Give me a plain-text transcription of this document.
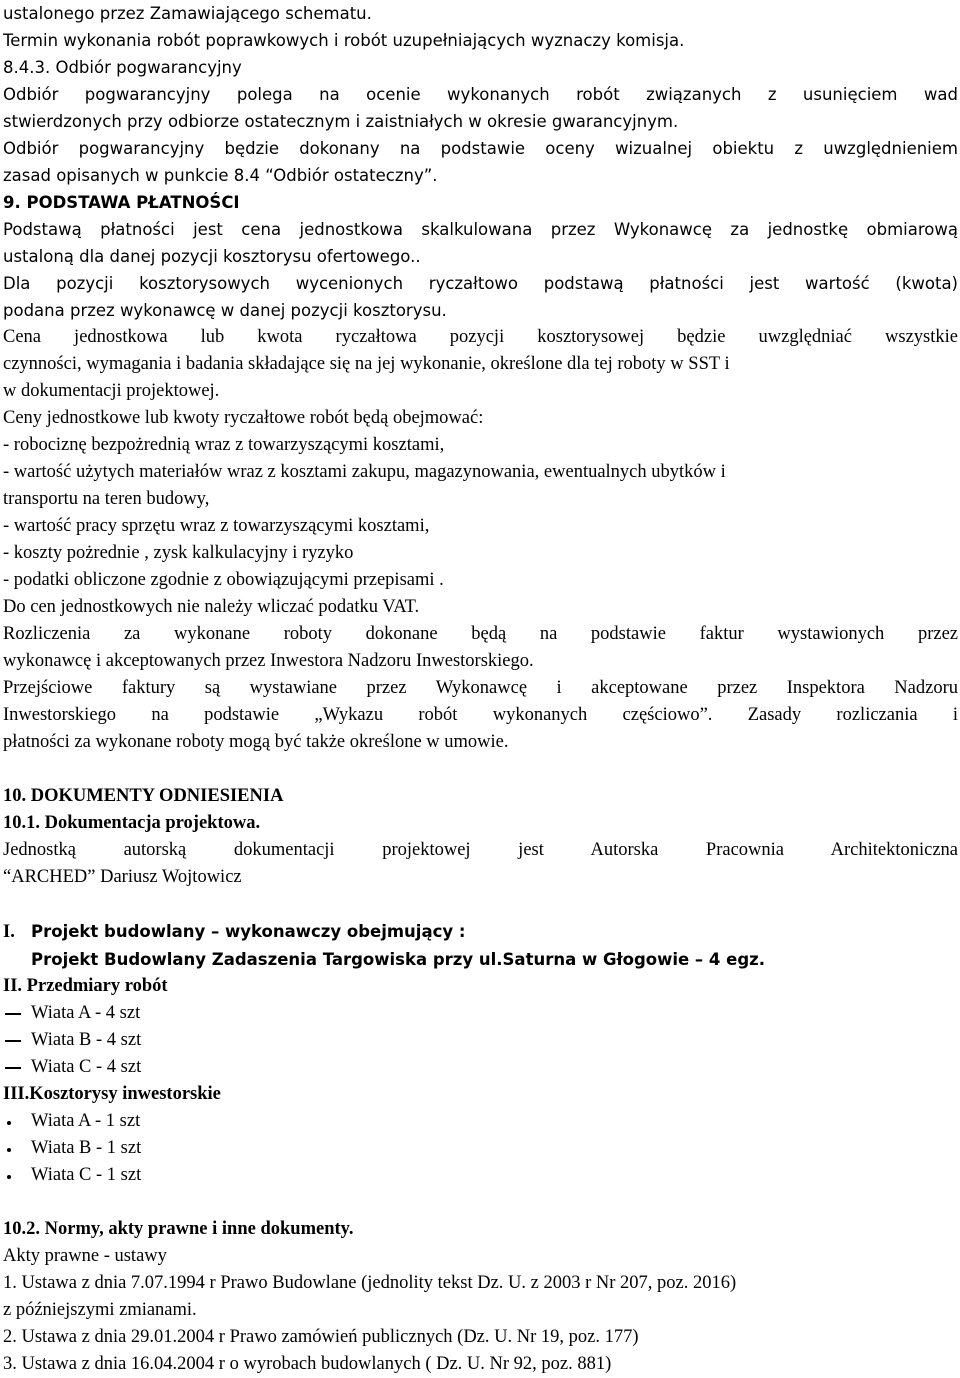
ustalonego przez Zamawiającego schematu.
Termin wykonania robót poprawkowych i robót uzupełniających wyznaczy komisja.
8.4.3. Odbiór pogwarancyjny
Odbiór pogwarancyjny polega na ocenie wykonanych robót związanych z usunięciem wad
stwierdzonych przy odbiorze ostatecznym i zaistniałych w okresie gwarancyjnym.
Odbiór pogwarancyjny będzie dokonany na podstawie oceny wizualnej obiektu z uwzględnieniem
zasad opisanych w punkcie 8.4 “Odbiór ostateczny”.
9. PODSTAWA PŁATNOŚCI
Podstawą płatności jest cena jednostkowa skalkulowana przez Wykonawcę za jednostkę obmiarową
ustaloną dla danej pozycji kosztorysu ofertowego..
Dla pozycji kosztorysowych wycenionych ryczałtowo podstawą płatności jest wartość (kwota)
podana przez wykonawcę w danej pozycji kosztorysu.
Cena jednostkowa lub kwota ryczałtowa pozycji kosztorysowej będzie uwzględniać wszystkie
czynności, wymagania i badania składające się na jej wykonanie, określone dla tej roboty w SST i
w dokumentacji projektowej.
Ceny jednostkowe lub kwoty ryczałtowe robót będą obejmować:
- robociznę bezpożrednią wraz z towarzyszącymi kosztami,
- wartość użytych materiałów wraz z kosztami zakupu, magazynowania, ewentualnych ubytków i
transportu na teren budowy,
- wartość pracy sprzętu wraz z towarzyszącymi kosztami,
- koszty pożrednie , zysk kalkulacyjny i ryzyko
- podatki obliczone zgodnie z obowiązującymi przepisami .
Do cen jednostkowych nie należy wliczać podatku VAT.
Rozliczenia za wykonane roboty dokonane będą na podstawie faktur wystawionych przez
wykonawcę i akceptowanych przez Inwestora Nadzoru Inwestorskiego.
Przejściowe faktury są wystawiane przez Wykonawcę i akceptowane przez Inspektora Nadzoru
Inwestorskiego na podstawie „Wykazu robót wykonanych częściowo”. Zasady rozliczania i
płatności za wykonane roboty mogą być także określone w umowie.
10. DOKUMENTY ODNIESIENIA
10.1. Dokumentacja projektowa.
Jednostką autorską dokumentacji projektowej jest Autorska Pracownia Architektoniczna
“ARCHED” Dariusz Wojtowicz
I. Projekt budowlany – wykonawczy obejmujący :
Projekt Budowlany Zadaszenia Targowiska przy ul.Saturna w Głogowie – 4 egz.
II. Przedmiary robót
Wiata A - 4 szt
Wiata B - 4 szt
Wiata C - 4 szt
III.Kosztorysy inwestorskie
Wiata A - 1 szt
Wiata B - 1 szt
Wiata C - 1 szt
10.2. Normy, akty prawne i inne dokumenty.
Akty prawne - ustawy
1. Ustawa z dnia 7.07.1994 r Prawo Budowlane (jednolity tekst Dz. U. z 2003 r Nr 207, poz. 2016)
z późniejszymi zmianami.
2. Ustawa z dnia 29.01.2004 r Prawo zamówień publicznych (Dz. U. Nr 19, poz. 177)
3. Ustawa z dnia 16.04.2004 r o wyrobach budowlanych ( Dz. U. Nr 92, poz. 881)
